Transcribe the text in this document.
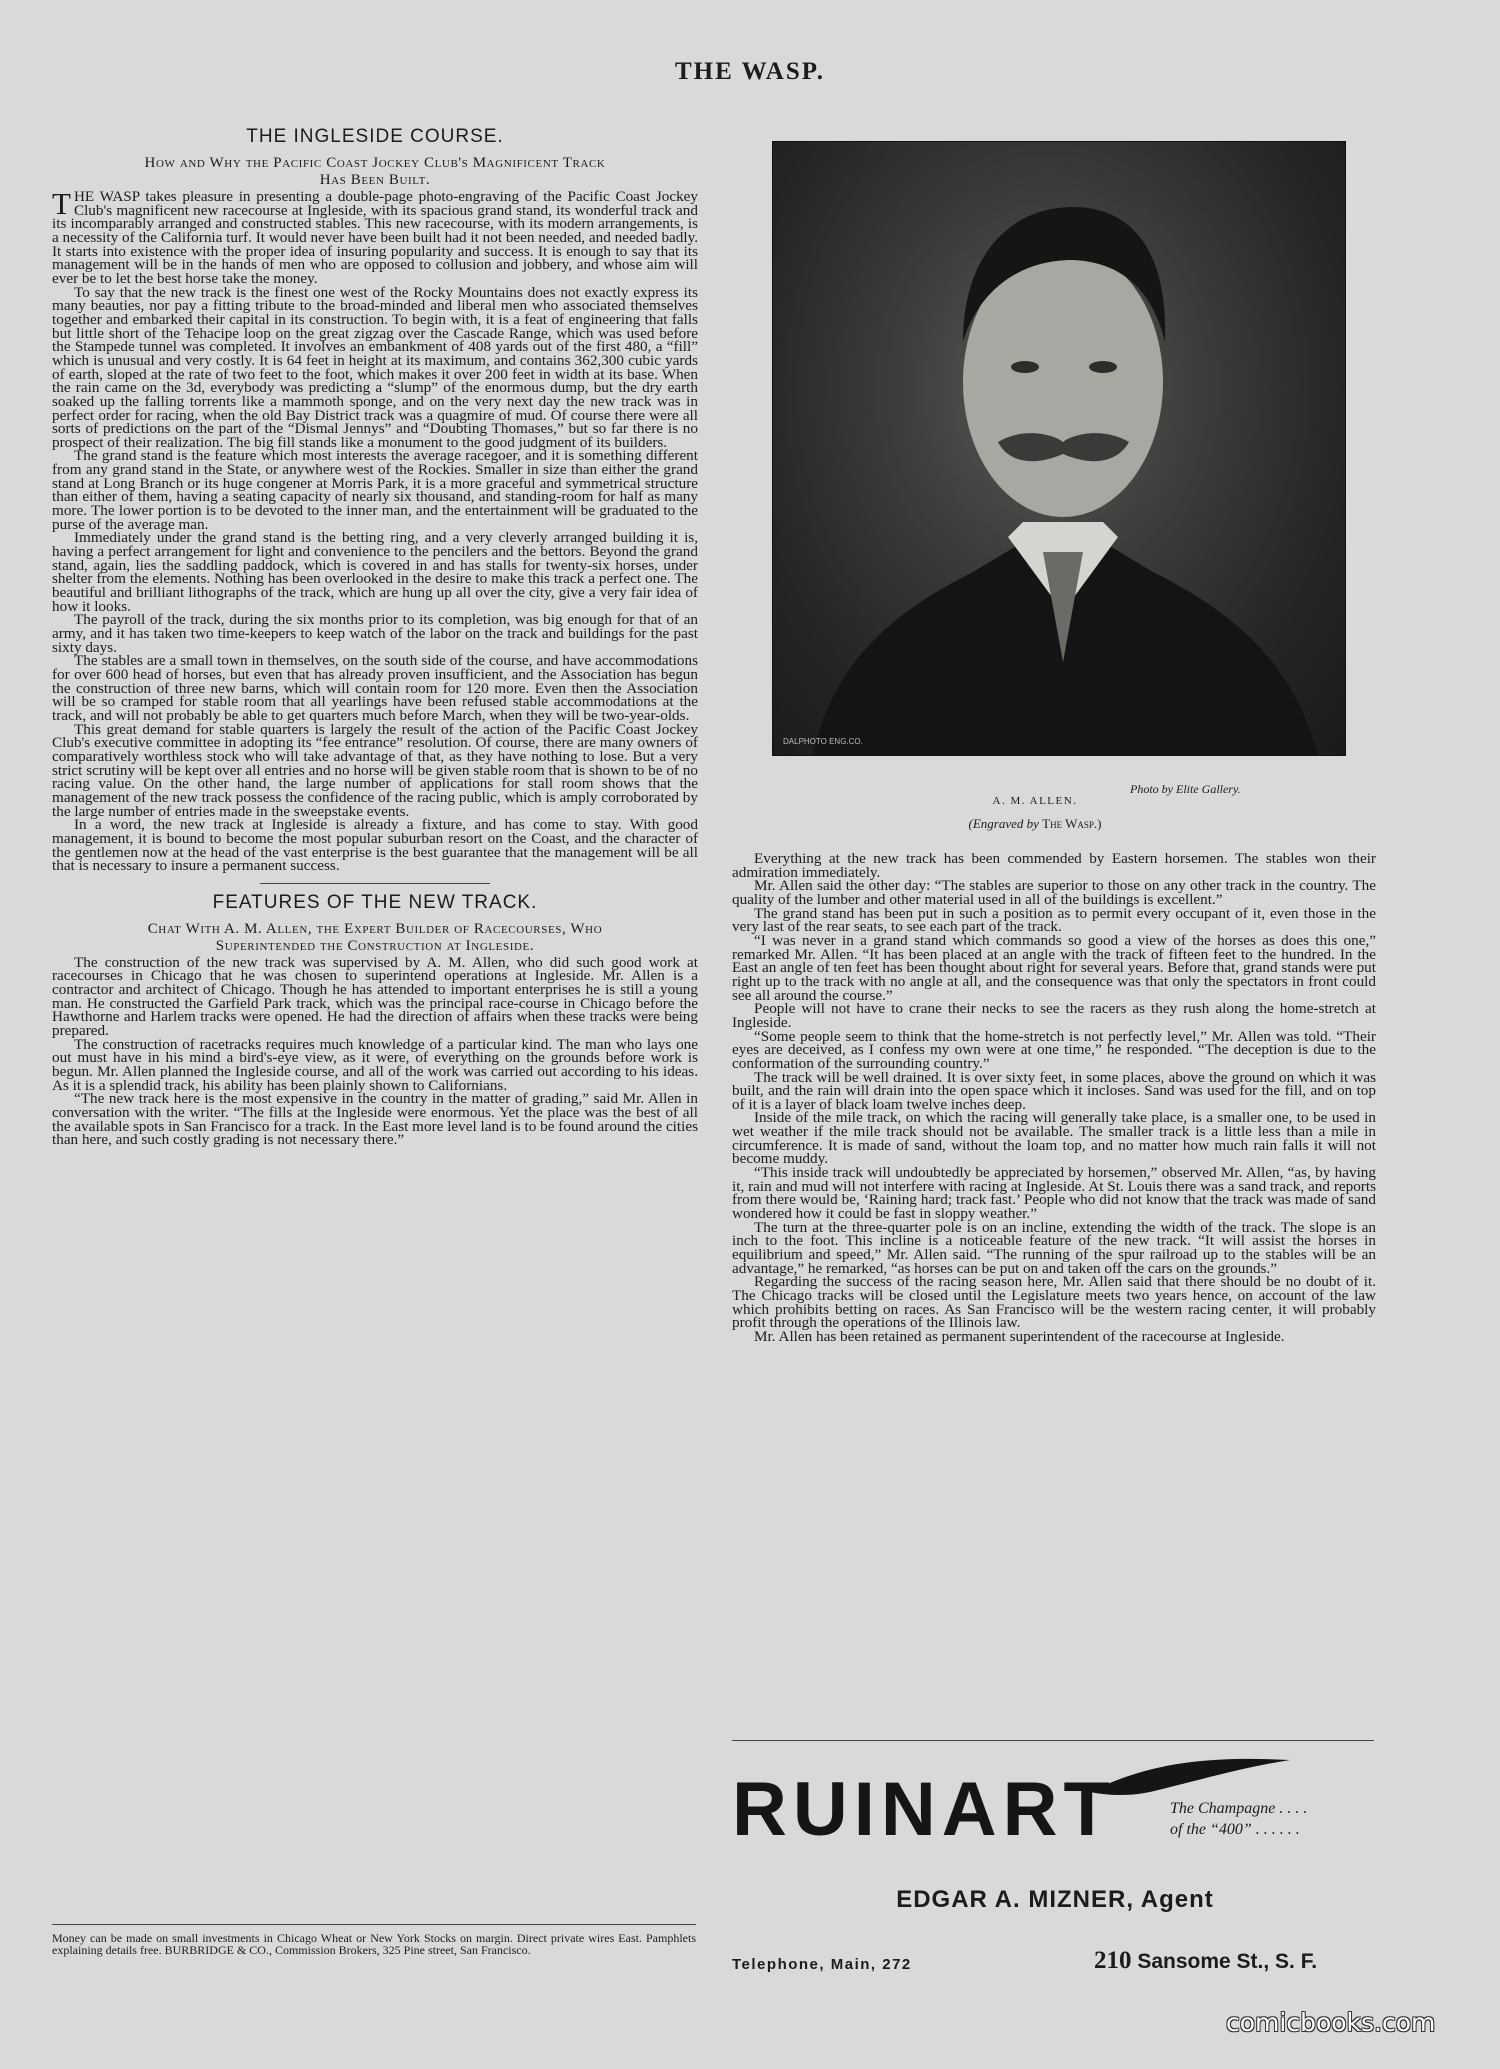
THE WASP.
THE INGLESIDE COURSE.
How and Why the Pacific Coast Jockey Club's Magnificent Track
Has Been Built.

THE WASP takes pleasure in presenting a double-page photo-engraving of the Pacific Coast Jockey Club's magnificent new racecourse at Ingleside, with its spacious grand stand, its wonderful track and its incomparably arranged and constructed stables. This new racecourse, with its modern arrangements, is a necessity of the California turf. It would never have been built had it not been needed, and needed badly. It starts into existence with the proper idea of insuring popularity and success. It is enough to say that its management will be in the hands of men who are opposed to collusion and jobbery, and whose aim will ever be to let the best horse take the money.

To say that the new track is the finest one west of the Rocky Mountains does not exactly express its many beauties, nor pay a fitting tribute to the broad-minded and liberal men who associated themselves together and embarked their capital in its construction. To begin with, it is a feat of engineering that falls but little short of the Tehacipe loop on the great zigzag over the Cascade Range, which was used before the Stampede tunnel was completed. It involves an embankment of 408 yards out of the first 480, a “fill” which is unusual and very costly. It is 64 feet in height at its maximum, and contains 362,300 cubic yards of earth, sloped at the rate of two feet to the foot, which makes it over 200 feet in width at its base. When the rain came on the 3d, everybody was predicting a “slump” of the enormous dump, but the dry earth soaked up the falling torrents like a mammoth sponge, and on the very next day the new track was in perfect order for racing, when the old Bay District track was a quagmire of mud. Of course there were all sorts of predictions on the part of the “Dismal Jennys” and “Doubting Thomases,” but so far there is no prospect of their realization. The big fill stands like a monument to the good judgment of its builders.

The grand stand is the feature which most interests the average racegoer, and it is something different from any grand stand in the State, or anywhere west of the Rockies. Smaller in size than either the grand stand at Long Branch or its huge congener at Morris Park, it is a more graceful and symmetrical structure than either of them, having a seating capacity of nearly six thousand, and standing-room for half as many more. The lower portion is to be devoted to the inner man, and the entertainment will be graduated to the purse of the average man.

Immediately under the grand stand is the betting ring, and a very cleverly arranged building it is, having a perfect arrangement for light and convenience to the pencilers and the bettors. Beyond the grand stand, again, lies the saddling paddock, which is covered in and has stalls for twenty-six horses, under shelter from the elements. Nothing has been overlooked in the desire to make this track a perfect one. The beautiful and brilliant lithographs of the track, which are hung up all over the city, give a very fair idea of how it looks.

The payroll of the track, during the six months prior to its completion, was big enough for that of an army, and it has taken two time-keepers to keep watch of the labor on the track and buildings for the past sixty days.

The stables are a small town in themselves, on the south side of the course, and have accommodations for over 600 head of horses, but even that has already proven insufficient, and the Association has begun the construction of three new barns, which will contain room for 120 more. Even then the Association will be so cramped for stable room that all yearlings have been refused stable accommodations at the track, and will not probably be able to get quarters much before March, when they will be two-year-olds.

This great demand for stable quarters is largely the result of the action of the Pacific Coast Jockey Club's executive committee in adopting its “fee entrance” resolution. Of course, there are many owners of comparatively worthless stock who will take advantage of that, as they have nothing to lose. But a very strict scrutiny will be kept over all entries and no horse will be given stable room that is shown to be of no racing value. On the other hand, the large number of applications for stall room shows that the management of the new track possess the confidence of the racing public, which is amply corroborated by the large number of entries made in the sweepstake events.

In a word, the new track at Ingleside is already a fixture, and has come to stay. With good management, it is bound to become the most popular suburban resort on the Coast, and the character of the gentlemen now at the head of the vast enterprise is the best guarantee that the management will be all that is necessary to insure a permanent success.

FEATURES OF THE NEW TRACK.
Chat With A. M. Allen, the Expert Builder of Racecourses, Who
Superintended the Construction at Ingleside.

The construction of the new track was supervised by A. M. Allen, who did such good work at racecourses in Chicago that he was chosen to superintend operations at Ingleside. Mr. Allen is a contractor and architect of Chicago. Though he has attended to important enterprises he is still a young man. He constructed the Garfield Park track, which was the principal race-course in Chicago before the Hawthorne and Harlem tracks were opened. He had the direction of affairs when these tracks were being prepared.

The construction of racetracks requires much knowledge of a particular kind. The man who lays one out must have in his mind a bird's-eye view, as it were, of everything on the grounds before work is begun. Mr. Allen planned the Ingleside course, and all of the work was carried out according to his ideas. As it is a splendid track, his ability has been plainly shown to Californians.

“The new track here is the most expensive in the country in the matter of grading,” said Mr. Allen in conversation with the writer. “The fills at the Ingleside were enormous. Yet the place was the best of all the available spots in San Francisco for a track. In the East more level land is to be found around the cities than here, and such costly grading is not necessary there.”

Money can be made on small investments in Chicago Wheat or New York Stocks on margin. Direct private wires East. Pamphlets explaining details free. BURBRIDGE & CO., Commission Brokers, 325 Pine street, San Francisco.
DALPHOTO ENG.CO.
Photo by Elite Gallery.
A. M. ALLEN.
(Engraved by The Wasp.)

Everything at the new track has been commended by Eastern horsemen. The stables won their admiration immediately.

Mr. Allen said the other day: “The stables are superior to those on any other track in the country. The quality of the lumber and other material used in all of the buildings is excellent.”

The grand stand has been put in such a position as to permit every occupant of it, even those in the very last of the rear seats, to see each part of the track.

“I was never in a grand stand which commands so good a view of the horses as does this one,” remarked Mr. Allen. “It has been placed at an angle with the track of fifteen feet to the hundred. In the East an angle of ten feet has been thought about right for several years. Before that, grand stands were put right up to the track with no angle at all, and the consequence was that only the spectators in front could see all around the course.”

People will not have to crane their necks to see the racers as they rush along the home-stretch at Ingleside.

“Some people seem to think that the home-stretch is not perfectly level,” Mr. Allen was told. “Their eyes are deceived, as I confess my own were at one time,” he responded. “The deception is due to the conformation of the surrounding country.”

The track will be well drained. It is over sixty feet, in some places, above the ground on which it was built, and the rain will drain into the open space which it incloses. Sand was used for the fill, and on top of it is a layer of black loam twelve inches deep.

Inside of the mile track, on which the racing will generally take place, is a smaller one, to be used in wet weather if the mile track should not be available. The smaller track is a little less than a mile in circumference. It is made of sand, without the loam top, and no matter how much rain falls it will not become muddy.

“This inside track will undoubtedly be appreciated by horsemen,” observed Mr. Allen, “as, by having it, rain and mud will not interfere with racing at Ingleside. At St. Louis there was a sand track, and reports from there would be, ‘Raining hard; track fast.’ People who did not know that the track was made of sand wondered how it could be fast in sloppy weather.”

The turn at the three-quarter pole is on an incline, extending the width of the track. The slope is an inch to the foot. This incline is a noticeable feature of the new track. “It will assist the horses in equilibrium and speed,” Mr. Allen said. “The running of the spur railroad up to the stables will be an advantage,” he remarked, “as horses can be put on and taken off the cars on the grounds.”

Regarding the success of the racing season here, Mr. Allen said that there should be no doubt of it. The Chicago tracks will be closed until the Legislature meets two years hence, on account of the law which prohibits betting on races. As San Francisco will be the western racing center, it will probably profit through the operations of the Illinois law.

Mr. Allen has been retained as permanent superintendent of the racecourse at Ingleside.

RUINART	The Champagne . . . .
of the “400” . . . . . .
EDGAR A. MIZNER, Agent
Telephone, Main, 272	210 Sansome St., S. F.
comicbooks.com
